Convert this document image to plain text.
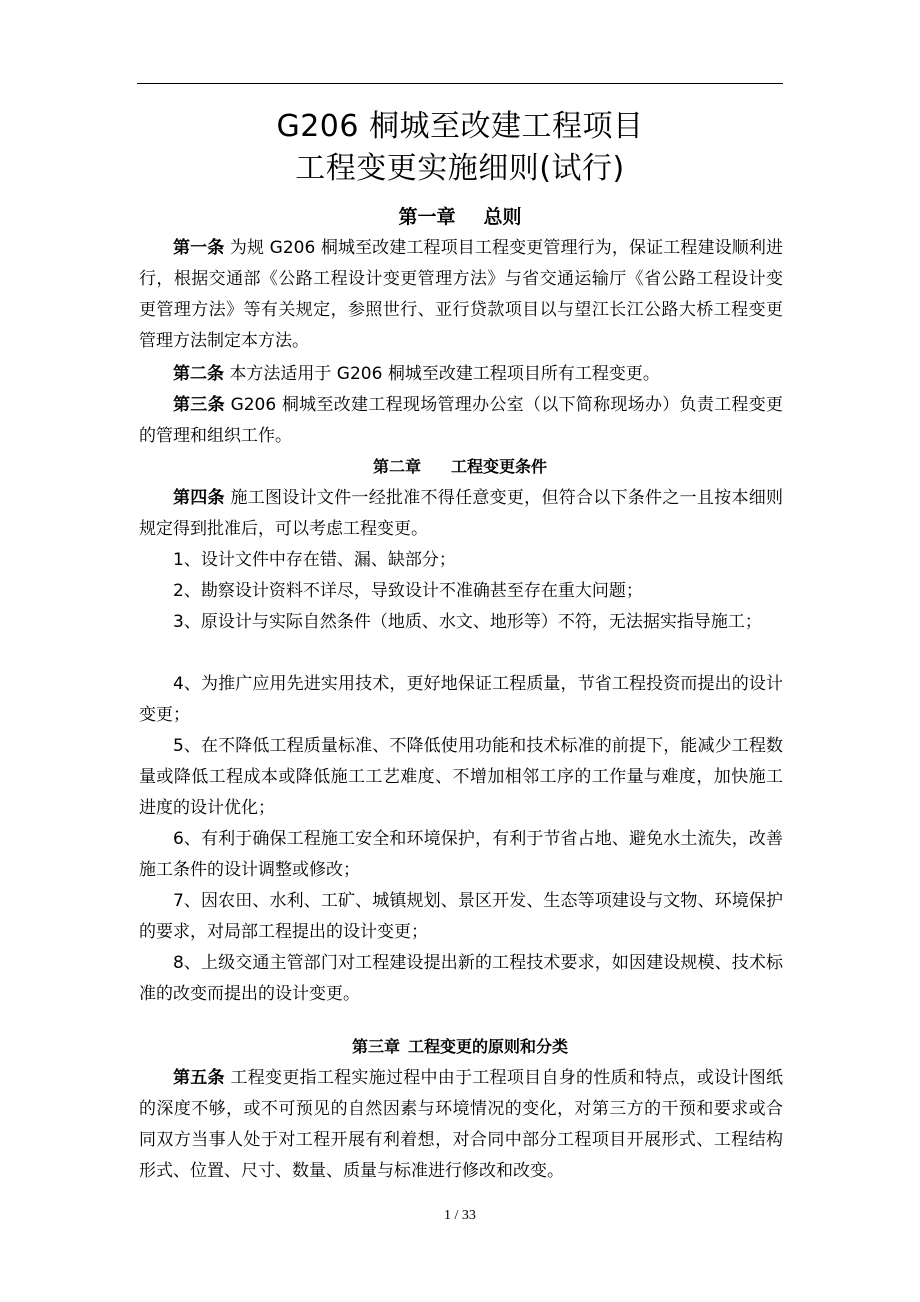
G206 桐城至改建工程项目
工程变更实施细则(试行)
第一章 总则
第一条 为规 G206 桐城至改建工程项目工程变更管理行为，保证工程建设顺利进行，根据交通部《公路工程设计变更管理方法》与省交通运输厅《省公路工程设计变更管理方法》等有关规定，参照世行、亚行贷款项目以与望江长江公路大桥工程变更管理方法制定本方法。
第二条 本方法适用于 G206 桐城至改建工程项目所有工程变更。
第三条 G206 桐城至改建工程现场管理办公室（以下简称现场办）负责工程变更的管理和组织工作。
第二章 工程变更条件
第四条 施工图设计文件一经批准不得任意变更，但符合以下条件之一且按本细则规定得到批准后，可以考虑工程变更。
1、设计文件中存在错、漏、缺部分；
2、勘察设计资料不详尽，导致设计不准确甚至存在重大问题；
3、原设计与实际自然条件（地质、水文、地形等）不符，无法据实指导施工；
4、为推广应用先进实用技术，更好地保证工程质量，节省工程投资而提出的设计变更；
5、在不降低工程质量标准、不降低使用功能和技术标准的前提下，能减少工程数量或降低工程成本或降低施工工艺难度、不增加相邻工序的工作量与难度，加快施工进度的设计优化；
6、有利于确保工程施工安全和环境保护，有利于节省占地、避免水土流失，改善施工条件的设计调整或修改；
7、因农田、水利、工矿、城镇规划、景区开发、生态等项建设与文物、环境保护的要求，对局部工程提出的设计变更；
8、上级交通主管部门对工程建设提出新的工程技术要求，如因建设规模、技术标准的改变而提出的设计变更。
第三章 工程变更的原则和分类
第五条 工程变更指工程实施过程中由于工程项目自身的性质和特点，或设计图纸的深度不够，或不可预见的自然因素与环境情况的变化，对第三方的干预和要求或合同双方当事人处于对工程开展有利着想，对合同中部分工程项目开展形式、工程结构形式、位置、尺寸、数量、质量与标准进行修改和改变。
1 / 33
